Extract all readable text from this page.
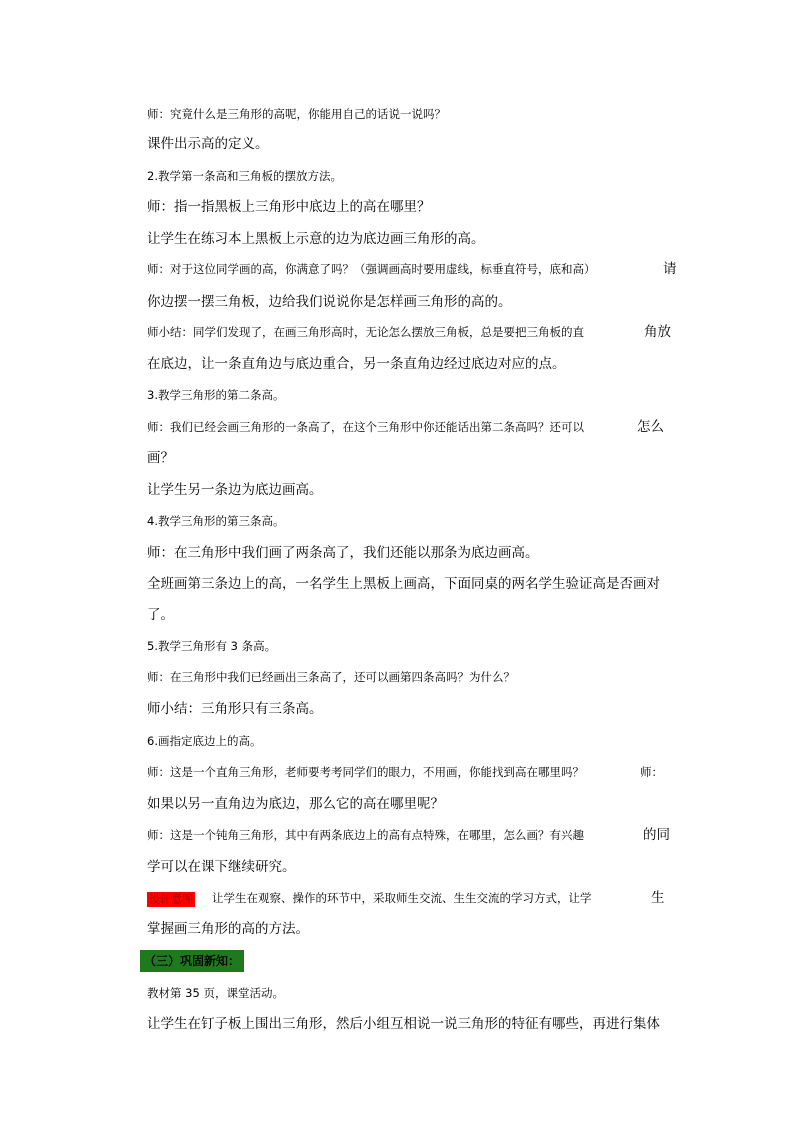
师：究竟什么是三角形的高呢，你能用自己的话说一说吗？
课件出示高的定义。
2.教学第一条高和三角板的摆放方法。
师：指一指黑板上三角形中底边上的高在哪里？
让学生在练习本上黑板上示意的边为底边画三角形的高。
师：对于这位同学画的高，你满意了吗？（强调画高时要用虚线，标垂直符号，底和高）	请
你边摆一摆三角板，边给我们说说你是怎样画三角形的高的。
师小结：同学们发现了，在画三角形高时，无论怎么摆放三角板，总是要把三角板的直	角放
在底边，让一条直角边与底边重合，另一条直角边经过底边对应的点。
3.教学三角形的第二条高。
师：我们已经会画三角形的一条高了，在这个三角形中你还能话出第二条高吗？还可以	怎么
画？
让学生另一条边为底边画高。
4.教学三角形的第三条高。
师：在三角形中我们画了两条高了，我们还能以那条为底边画高。
全班画第三条边上的高，一名学生上黑板上画高，下面同桌的两名学生验证高是否画对
了。
5.教学三角形有 3 条高。
师：在三角形中我们已经画出三条高了，还可以画第四条高吗？为什么？
师小结：三角形只有三条高。
6.画指定底边上的高。
师：这是一个直角三角形，老师要考考同学们的眼力，不用画，你能找到高在哪里吗？	师：
如果以另一直角边为底边，那么它的高在哪里呢？
师：这是一个钝角三角形，其中有两条底边上的高有点特殊，在哪里，怎么画？有兴趣	的同
学可以在课下继续研究。
设计意图 让学生在观察、操作的环节中，采取师生交流、生生交流的学习方式，让学	生
掌握画三角形的高的方法。
（三）巩固新知：
教材第 35 页，课堂活动。
让学生在钉子板上围出三角形，然后小组互相说一说三角形的特征有哪些，再进行集体
